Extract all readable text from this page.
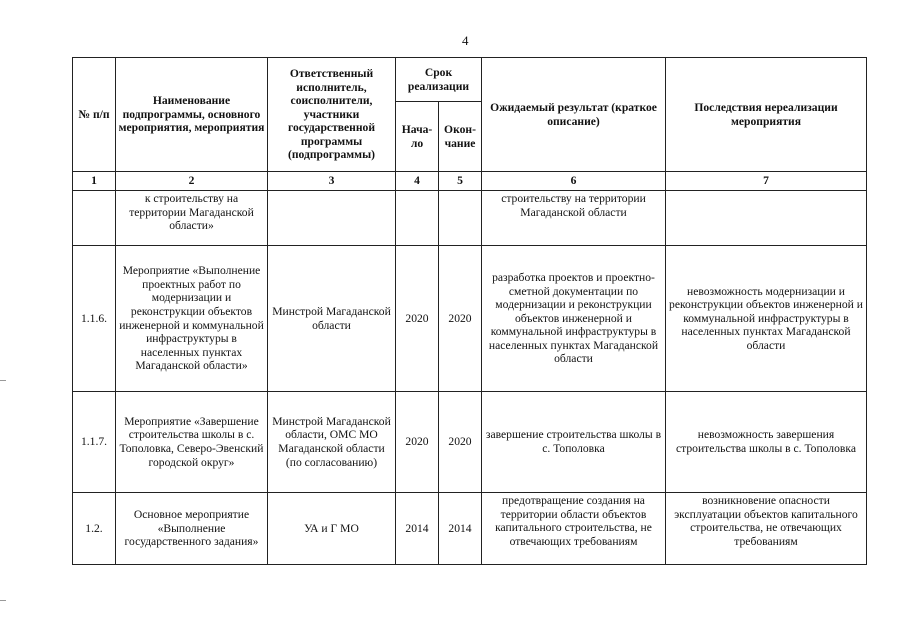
4
№ п/п	Наименование подпрограммы, основного мероприятия, мероприятия	Ответственный исполнитель, соисполнители, участники государственной программы (подпрограммы)	Срок реализации		Ожидаемый результат (краткое описание)	Последствия нереализации мероприятия
			Нача-ло	Окон-чание		
1	2	3	4	5	6	7
	к строительству на территории Магаданской области»				строительству на территории Магаданской области	
1.1.6.	Мероприятие «Выполнение проектных работ по модернизации и реконструкции объектов инженерной и коммунальной инфраструктуры в населенных пунктах Магаданской области»	Минстрой Магаданской области	2020	2020	разработка проектов и проектно-сметной документации по модернизации и реконструкции объектов инженерной и коммунальной инфраструктуры в населенных пунктах Магаданской области	невозможность модернизации и реконструкции объектов инженерной и коммунальной инфраструктуры в населенных пунктах Магаданской области
1.1.7.	Мероприятие «Завершение строительства школы в с. Тополовка, Северо-Эвенский городской округ»	Минстрой Магаданской области, ОМС МО Магаданской области (по согласованию)	2020	2020	завершение строительства школы в с. Тополовка	невозможность завершения строительства школы в с. Тополовка
1.2.	Основное мероприятие «Выполнение государственного задания»	УА и Г МО	2014	2014	предотвращение создания на территории области объектов капитального строительства, не отвечающих требованиям	возникновение опасности эксплуатации объектов капитального строительства, не отвечающих требованиям
